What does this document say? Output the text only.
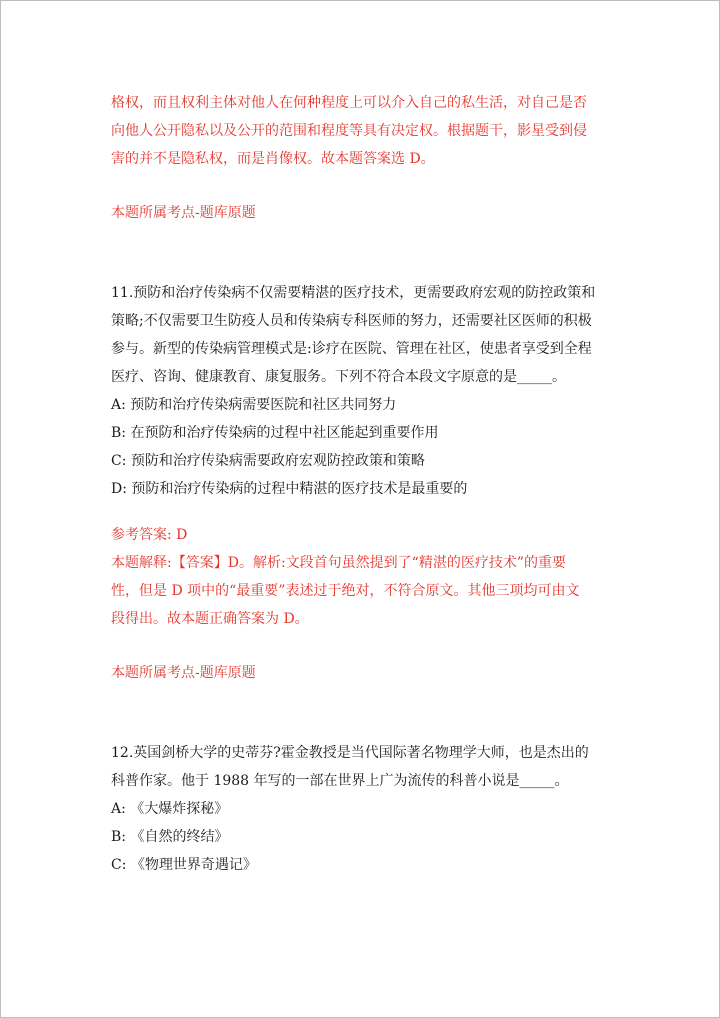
格权，而且权利主体对他人在何种程度上可以介入自己的私生活，对自己是否
向他人公开隐私以及公开的范围和程度等具有决定权。根据题干，影星受到侵
害的并不是隐私权，而是肖像权。故本题答案选 D。
本题所属考点-题库原题
11.预防和治疗传染病不仅需要精湛的医疗技术，更需要政府宏观的防控政策和
策略;不仅需要卫生防疫人员和传染病专科医师的努力，还需要社区医师的积极
参与。新型的传染病管理模式是:诊疗在医院、管理在社区，使患者享受到全程
医疗、咨询、健康教育、康复服务。下列不符合本段文字原意的是_____。
A: 预防和治疗传染病需要医院和社区共同努力
B: 在预防和治疗传染病的过程中社区能起到重要作用
C: 预防和治疗传染病需要政府宏观防控政策和策略
D: 预防和治疗传染病的过程中精湛的医疗技术是最重要的
参考答案: D
本题解释:【答案】D。解析:文段首句虽然提到了“精湛的医疗技术”的重要
性，但是 D 项中的“最重要”表述过于绝对，不符合原文。其他三项均可由文
段得出。故本题正确答案为 D。
本题所属考点-题库原题
12.英国剑桥大学的史蒂芬?霍金教授是当代国际著名物理学大师，也是杰出的
科普作家。他于 1988 年写的一部在世界上广为流传的科普小说是_____。
A: 《大爆炸探秘》
B: 《自然的终结》
C: 《物理世界奇遇记》
